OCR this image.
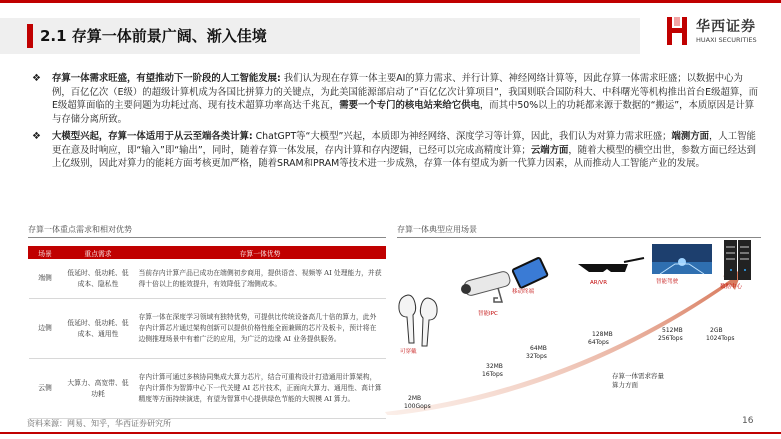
2.1 存算一体前景广阔、渐入佳境	华西证券
HUAXI SECURITIES
❖ 存算一体需求旺盛，有望推动下一阶段的人工智能发展: 我们认为现在存算一体主要AI的算力需求、并行计算、神经网络计算等，因此存算一体需求旺盛；以数据中心为例，百亿亿次（E级）的超级计算机成为各国比拼算力的关键点，为此美国能源部启动了“百亿亿次计算项目”，我国则联合国防科大、中科曙光等机构推出首台E级超算，而E级超算面临的主要问题为功耗过高、现有技术超算功率高达千兆瓦，需要一个专门的核电站来给它供电，而其中50%以上的功耗都来源于数据的“搬运”，本质原因是计算与存储分离所致。
❖ 大模型兴起，存算一体适用于从云至端各类计算: ChatGPT等“大模型”兴起，本质即为神经网络、深度学习等计算，因此，我们认为对算力需求旺盛；端测方面，人工智能更在意及时响应，即“输入”即“输出”，同时，随着存算一体发展，存内计算和存内逻辑，已经可以完成高精度计算；云端方面，随着大模型的横空出世，参数方面已经达到上亿级别，因此对算力的能耗方面考核更加严格，随着SRAM和PRAM等技术进一步成熟，存算一体有望成为新一代算力因素，从而推动人工智能产业的发展。
存算一体重点需求和相对优势
场景	重点需求	存算一体优势
端侧	低延时、低功耗、低成本、隐私性	当前存内计算产品已成功在端侧初步商用，提供语音、视频等 AI 处理能力，并获得十倍以上的能效提升，有效降低了端侧成本。
边侧	低延时、低功耗、低成本、通用性	存算一体在深度学习领域有独特优势，可提供比传统设备高几十倍的算力，此外存内计算芯片通过架构创新可以提供价格性能全面兼顾的芯片及板卡，预计将在边侧推理场景中有着广泛的应用，为广泛的边缘 AI 业务提供服务。
云侧	大算力、高宽带、低功耗	存内计算可通过多核协同集成大算力芯片，结合可重构设计打造通用计算架构，存内计算作为智算中心下一代关键 AI 芯片技术，正面向大算力、通用性、高计算精度等方面持续演进，有望为智算中心提供绿色节能的大规模 AI 算力。
存算一体典型应用场景
可穿戴
2MB
100Gops
智能IPC
32MB
16Tops
移动终端
64MB
32Tops
AR/VR
128MB
64Tops
智能驾驶
512MB
256Tops
数据中心
2GB
1024Tops
存算一体需求容量
算力方面
资料来源：网易、知乎，华西证券研究所	16
